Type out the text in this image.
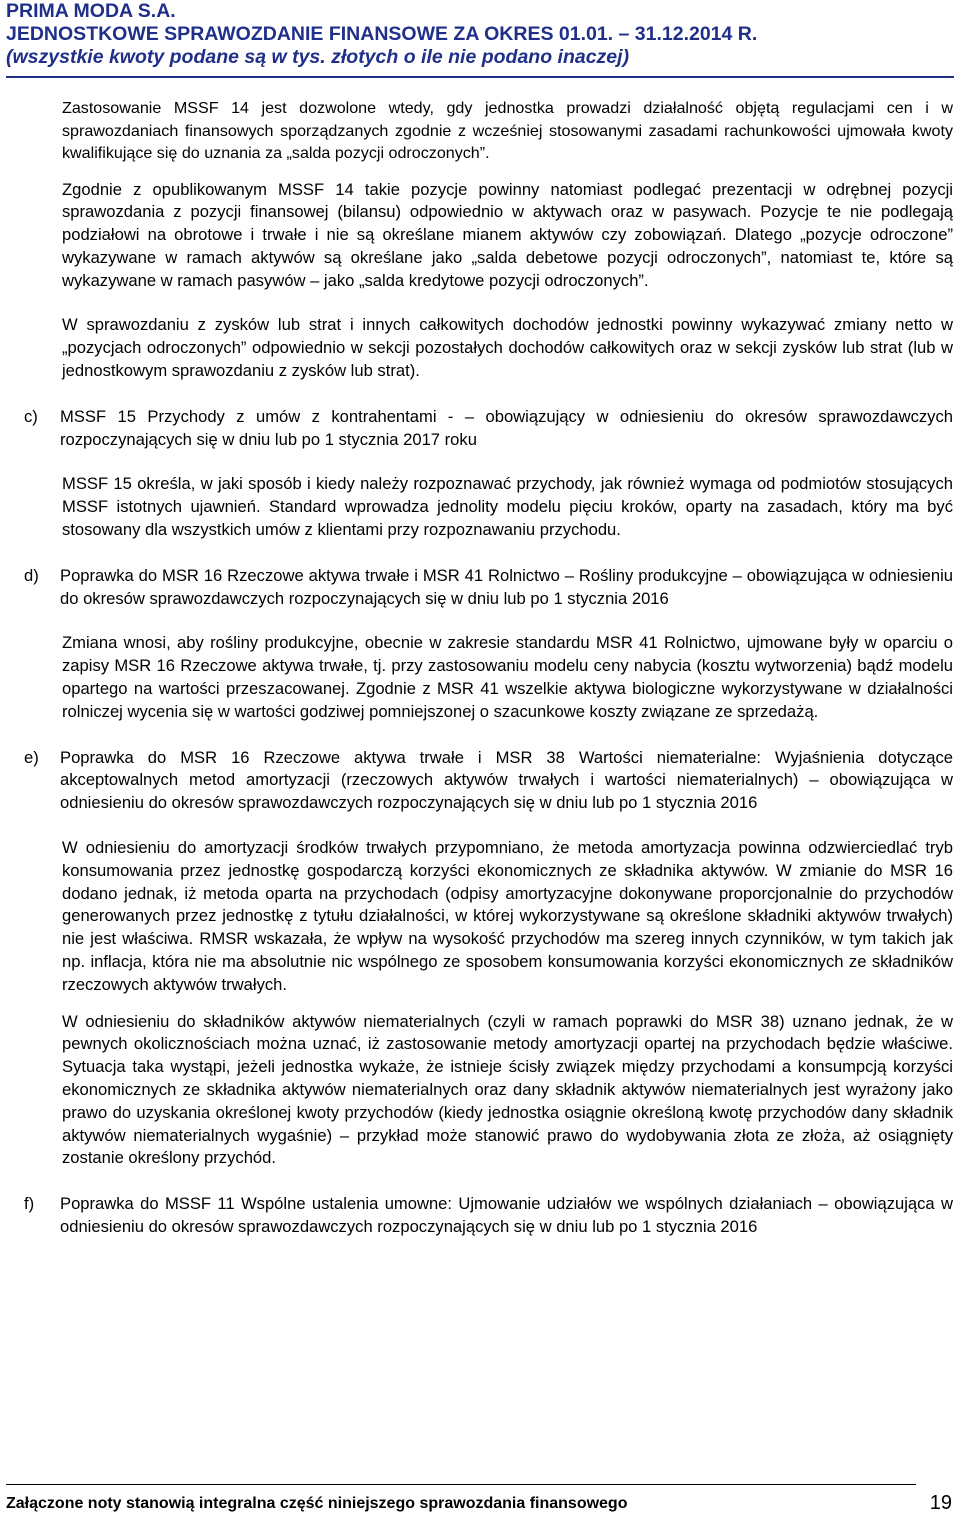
PRIMA MODA S.A.
JEDNOSTKOWE SPRAWOZDANIE FINANSOWE ZA OKRES 01.01. – 31.12.2014 R.
(wszystkie kwoty podane są w tys. złotych o ile nie podano inaczej)

Zastosowanie MSSF 14 jest dozwolone wtedy, gdy jednostka prowadzi działalność objętą regulacjami cen i w sprawozdaniach finansowych sporządzanych zgodnie z wcześniej stosowanymi zasadami rachunkowości ujmowała kwoty kwalifikujące się do uznania za „salda pozycji odroczonych”.

Zgodnie z opublikowanym MSSF 14 takie pozycje powinny natomiast podlegać prezentacji w odrębnej pozycji sprawozdania z pozycji finansowej (bilansu) odpowiednio w aktywach oraz w pasywach. Pozycje te nie podlegają podziałowi na obrotowe i trwałe i nie są określane mianem aktywów czy zobowiązań. Dlatego „pozycje odroczone” wykazywane w ramach aktywów są określane jako „salda debetowe pozycji odroczonych”, natomiast te, które są wykazywane w ramach pasywów – jako „salda kredytowe pozycji odroczonych”.

W sprawozdaniu z zysków lub strat i innych całkowitych dochodów jednostki powinny wykazywać zmiany netto w „pozycjach odroczonych” odpowiednio w sekcji pozostałych dochodów całkowitych oraz w sekcji zysków lub strat (lub w jednostkowym sprawozdaniu z zysków lub strat).

c) MSSF 15 Przychody z umów z kontrahentami - – obowiązujący w odniesieniu do okresów sprawozdawczych rozpoczynających się w dniu lub po 1 stycznia 2017 roku

MSSF 15 określa, w jaki sposób i kiedy należy rozpoznawać przychody, jak również wymaga od podmiotów stosujących MSSF istotnych ujawnień. Standard wprowadza jednolity modelu pięciu kroków, oparty na zasadach, który ma być stosowany dla wszystkich umów z klientami przy rozpoznawaniu przychodu.

d) Poprawka do MSR 16 Rzeczowe aktywa trwałe i MSR 41 Rolnictwo – Rośliny produkcyjne – obowiązująca w odniesieniu do okresów sprawozdawczych rozpoczynających się w dniu lub po 1 stycznia 2016

Zmiana wnosi, aby rośliny produkcyjne, obecnie w zakresie standardu MSR 41 Rolnictwo, ujmowane były w oparciu o zapisy MSR 16 Rzeczowe aktywa trwałe, tj. przy zastosowaniu modelu ceny nabycia (kosztu wytworzenia) bądź modelu opartego na wartości przeszacowanej. Zgodnie z MSR 41 wszelkie aktywa biologiczne wykorzystywane w działalności rolniczej wycenia się w wartości godziwej pomniejszonej o szacunkowe koszty związane ze sprzedażą.

e) Poprawka do MSR 16 Rzeczowe aktywa trwałe i MSR 38 Wartości niematerialne: Wyjaśnienia dotyczące akceptowalnych metod amortyzacji (rzeczowych aktywów trwałych i wartości niematerialnych) – obowiązująca w odniesieniu do okresów sprawozdawczych rozpoczynających się w dniu lub po 1 stycznia 2016

W odniesieniu do amortyzacji środków trwałych przypomniano, że metoda amortyzacja powinna odzwierciedlać tryb konsumowania przez jednostkę gospodarczą korzyści ekonomicznych ze składnika aktywów. W zmianie do MSR 16 dodano jednak, iż metoda oparta na przychodach (odpisy amortyzacyjne dokonywane proporcjonalnie do przychodów generowanych przez jednostkę z tytułu działalności, w której wykorzystywane są określone składniki aktywów trwałych) nie jest właściwa. RMSR wskazała, że wpływ na wysokość przychodów ma szereg innych czynników, w tym takich jak np. inflacja, która nie ma absolutnie nic wspólnego ze sposobem konsumowania korzyści ekonomicznych ze składników rzeczowych aktywów trwałych.

W odniesieniu do składników aktywów niematerialnych (czyli w ramach poprawki do MSR 38) uznano jednak, że w pewnych okolicznościach można uznać, iż zastosowanie metody amortyzacji opartej na przychodach będzie właściwe. Sytuacja taka wystąpi, jeżeli jednostka wykaże, że istnieje ścisły związek między przychodami a konsumpcją korzyści ekonomicznych ze składnika aktywów niematerialnych oraz dany składnik aktywów niematerialnych jest wyrażony jako prawo do uzyskania określonej kwoty przychodów (kiedy jednostka osiągnie określoną kwotę przychodów dany składnik aktywów niematerialnych wygaśnie) – przykład może stanowić prawo do wydobywania złota ze złoża, aż osiągnięty zostanie określony przychód.

f) Poprawka do MSSF 11 Wspólne ustalenia umowne: Ujmowanie udziałów we wspólnych działaniach – obowiązująca w odniesieniu do okresów sprawozdawczych rozpoczynających się w dniu lub po 1 stycznia 2016

Załączone noty stanowią integralna część niniejszego sprawozdania finansowego	19
